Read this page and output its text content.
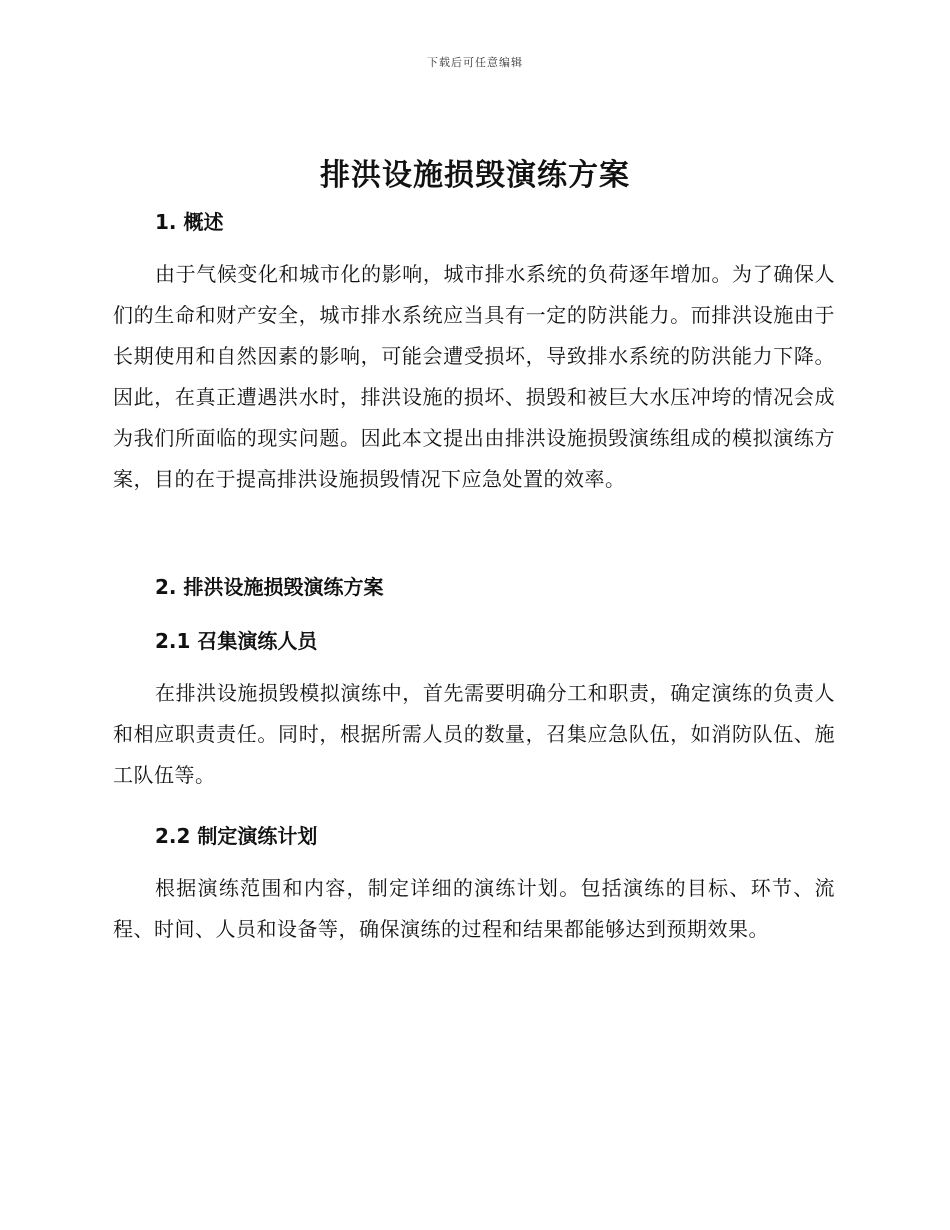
下载后可任意编辑
排洪设施损毁演练方案
1. 概述

由于气候变化和城市化的影响，城市排水系统的负荷逐年增加。为了确保人们的生命和财产安全，城市排水系统应当具有一定的防洪能力。而排洪设施由于长期使用和自然因素的影响，可能会遭受损坏，导致排水系统的防洪能力下降。因此，在真正遭遇洪水时，排洪设施的损坏、损毁和被巨大水压冲垮的情况会成为我们所面临的现实问题。因此本文提出由排洪设施损毁演练组成的模拟演练方案，目的在于提高排洪设施损毁情况下应急处置的效率。

2. 排洪设施损毁演练方案
2.1 召集演练人员

在排洪设施损毁模拟演练中，首先需要明确分工和职责，确定演练的负责人和相应职责责任。同时，根据所需人员的数量，召集应急队伍，如消防队伍、施工队伍等。

2.2 制定演练计划

根据演练范围和内容，制定详细的演练计划。包括演练的目标、环节、流程、时间、人员和设备等，确保演练的过程和结果都能够达到预期效果。
